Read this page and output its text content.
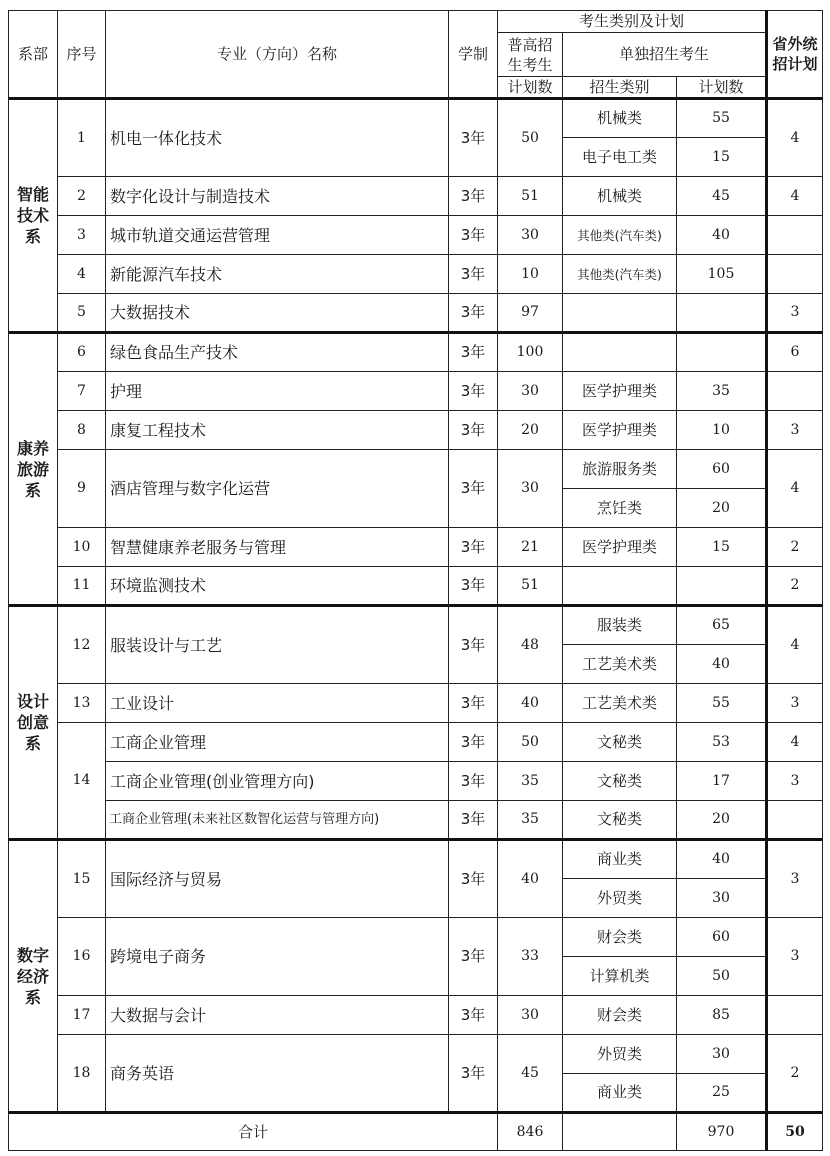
系部	序号	专业（方向）名称	学制	考生类别及计划			省外统招计划
				普高招生考生	单独招生考生		
				计划数	招生类别	计划数	
智能技术系	1	机电一体化技术	3年	50	机械类	55	4
					电子电工类	15	
	2	数字化设计与制造技术	3年	51	机械类	45	4
	3	城市轨道交通运营管理	3年	30	其他类(汽车类)	40	
	4	新能源汽车技术	3年	10	其他类(汽车类)	105	
	5	大数据技术	3年	97			3
康养旅游系	6	绿色食品生产技术	3年	100			6
	7	护理	3年	30	医学护理类	35	
	8	康复工程技术	3年	20	医学护理类	10	3
	9	酒店管理与数字化运营	3年	30	旅游服务类	60	4
					烹饪类	20	
	10	智慧健康养老服务与管理	3年	21	医学护理类	15	2
	11	环境监测技术	3年	51			2
设计创意系	12	服装设计与工艺	3年	48	服装类	65	4
					工艺美术类	40	
	13	工业设计	3年	40	工艺美术类	55	3
	14	工商企业管理	3年	50	文秘类	53	4
		工商企业管理(创业管理方向)	3年	35	文秘类	17	3
		工商企业管理(未来社区数智化运营与管理方向)	3年	35	文秘类	20	
数字经济系	15	国际经济与贸易	3年	40	商业类	40	3
					外贸类	30	
	16	跨境电子商务	3年	33	财会类	60	3
					计算机类	50	
	17	大数据与会计	3年	30	财会类	85	
	18	商务英语	3年	45	外贸类	30	2
					商业类	25	
合计				846		970	50
